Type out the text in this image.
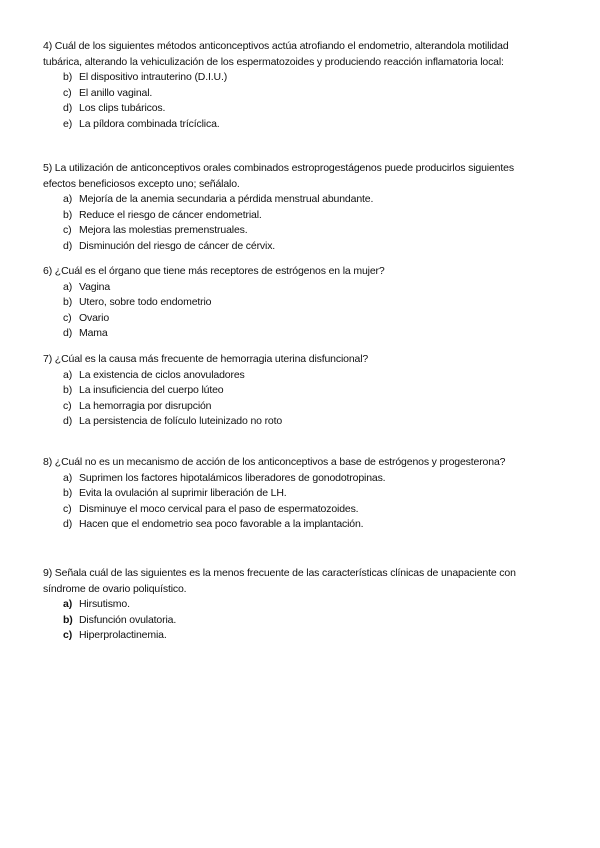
4) Cuál de los siguientes métodos anticonceptivos actúa atrofiando el endometrio, alterandola motilidad tubárica, alterando la vehiculización de los espermatozoides y produciendo reacción inflamatoria local:

b) El dispositivo intrauterino (D.I.U.)
c) El anillo vaginal.
d) Los clips tubáricos.
e) La píldora combinada trícíclica.

5) La utilización de anticonceptivos orales combinados estroprogestágenos puede producirlos siguientes efectos beneficiosos excepto uno; señálalo.

a) Mejoría de la anemia secundaria a pérdida menstrual abundante.
b) Reduce el riesgo de cáncer endometrial.
c) Mejora las molestias premenstruales.
d) Disminución del riesgo de cáncer de cérvix.

6) ¿Cuál es el órgano que tiene más receptores de estrógenos en la mujer?

a) Vagina
b) Utero, sobre todo endometrio
c) Ovario
d) Mama

7) ¿Cúal es la causa más frecuente de hemorragia uterina disfuncional?

a) La existencia de ciclos anovuladores
b) La insuficiencia del cuerpo lúteo
c) La hemorragia por disrupción
d) La persistencia de folículo luteinizado no roto

8) ¿Cuál no es un mecanismo de acción de los anticonceptivos a base de estrógenos y progesterona?

a) Suprimen los factores hipotalámicos liberadores de gonodotropinas.
b) Evita la ovulación al suprimir liberación de LH.
c) Disminuye el moco cervical para el paso de espermatozoides.
d) Hacen que el endometrio sea poco favorable a la implantación.

9) Señala cuál de las siguientes es la menos frecuente de las características clínicas de unapaciente con síndrome de ovario poliquístico.

a) Hirsutismo.
b) Disfunción ovulatoria.
c) Hiperprolactinemia.
